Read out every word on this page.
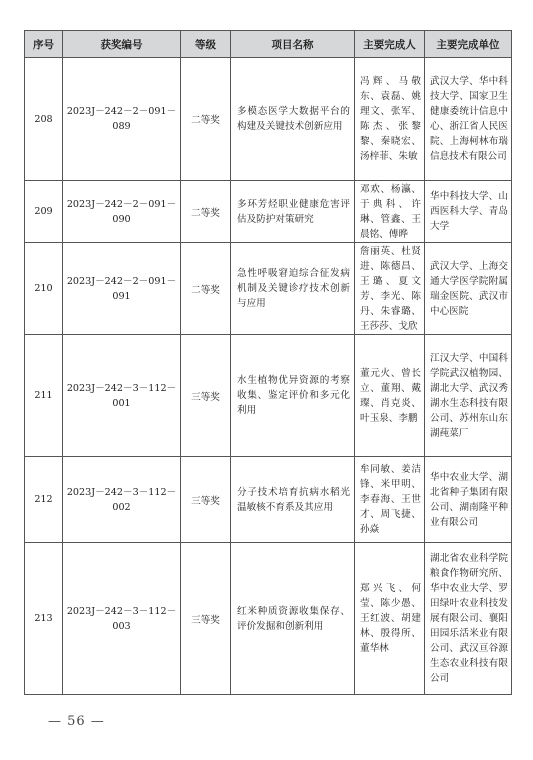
序号	获奖编号	等级	项目名称	主要完成人	主要完成单位
208	2023J－242－2－091－089	二等奖	多模态医学大数据平台的构建及关键技术创新应用	冯辉、马敬东、袁磊、姚理文、张军、陈杰、张黎黎、秦晓宏、汤梓菲、朱敏	武汉大学、华中科技大学、国家卫生健康委统计信息中心、浙江省人民医院、上海柯林布瑞信息技术有限公司
209	2023J－242－2－091－090	二等奖	多环芳烃职业健康危害评估及防护对策研究	邓欢、杨瀛、于典科、许琳、管鑫、王晨铭、傅晔	华中科技大学、山西医科大学、青岛大学
210	2023J－242－2－091－091	二等奖	急性呼吸窘迫综合征发病机制及关键诊疗技术创新与应用	詹丽英、杜贤进、陈德昌、王璐、夏文芳、李光、陈丹、朱睿璐、王莎莎、戈欣	武汉大学、上海交通大学医学院附属瑞金医院、武汉市中心医院
211	2023J－242－3－112－001	三等奖	水生植物优异资源的考察收集、鉴定评价和多元化利用	董元火、曾长立、董翔、戴璨、肖克炎、叶玉泉、李鹏	江汉大学、中国科学院武汉植物园、湖北大学、武汉秀湖水生态科技有限公司、苏州东山东湖莼菜厂
212	2023J－242－3－112－002	三等奖	分子技术培育抗病水稻光温敏核不育系及其应用	牟同敏、姜洁锋、米甲明、李春海、王世才、周飞捷、孙焱	华中农业大学、湖北省种子集团有限公司、湖南隆平种业有限公司
213	2023J－242－3－112－003	三等奖	红米种质资源收集保存、评价发掘和创新利用	郑兴飞、何莹、陈少愚、王红波、胡建林、殷得所、董华林	湖北省农业科学院粮食作物研究所、华中农业大学、罗田绿叶农业科技发展有限公司、襄阳田园乐活米业有限公司、武汉亘谷源生态农业科技有限公司
— 56 —
